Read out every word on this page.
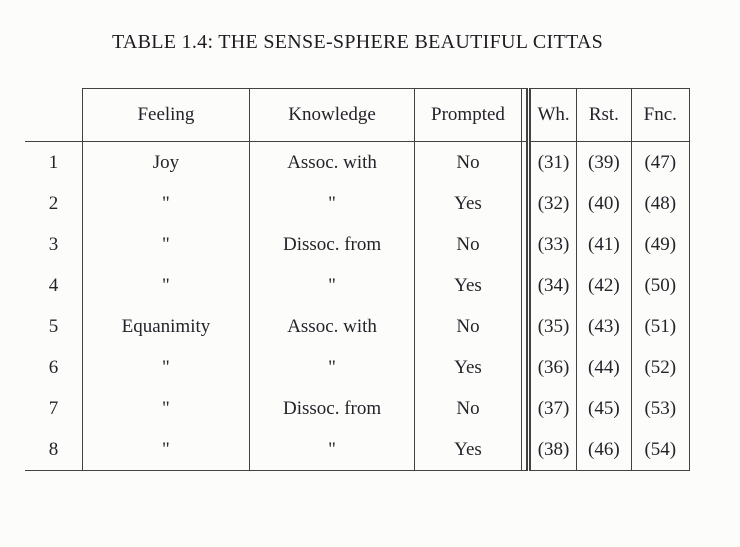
TABLE 1.4: THE SENSE-SPHERE BEAUTIFUL CITTAS
	Feeling	Knowledge	Prompted		Wh.	Rst.	Fnc.
1	Joy	Assoc. with	No		(31)	(39)	(47)
2	"	"	Yes		(32)	(40)	(48)
3	"	Dissoc. from	No		(33)	(41)	(49)
4	"	"	Yes		(34)	(42)	(50)
5	Equanimity	Assoc. with	No		(35)	(43)	(51)
6	"	"	Yes		(36)	(44)	(52)
7	"	Dissoc. from	No		(37)	(45)	(53)
8	"	"	Yes		(38)	(46)	(54)
